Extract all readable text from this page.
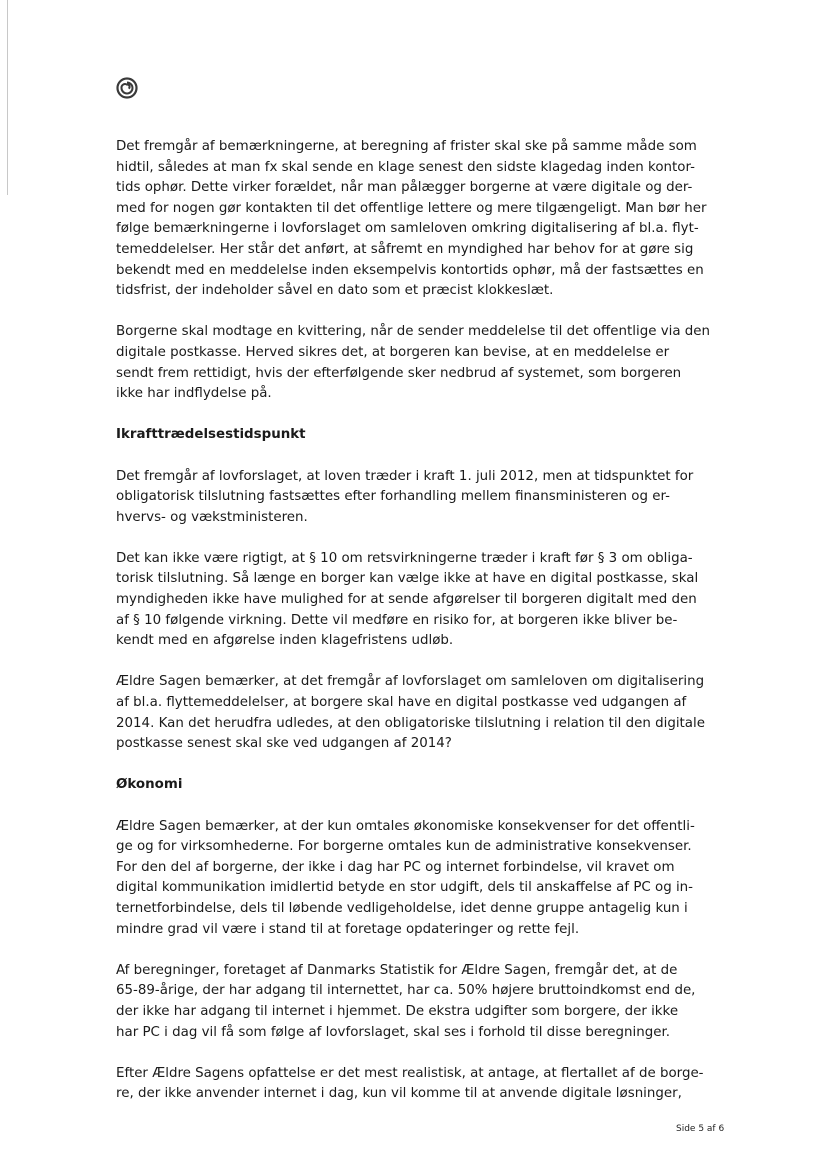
Det fremgår af bemærkningerne, at beregning af frister skal ske på samme måde som
hidtil, således at man fx skal sende en klage senest den sidste klagedag inden kontor-
tids ophør. Dette virker forældet, når man pålægger borgerne at være digitale og der-
med for nogen gør kontakten til det offentlige lettere og mere tilgængeligt. Man bør her
følge bemærkningerne i lovforslaget om samleloven omkring digitalisering af bl.a. flyt-
temeddelelser. Her står det anført, at såfremt en myndighed har behov for at gøre sig
bekendt med en meddelelse inden eksempelvis kontortids ophør, må der fastsættes en
tidsfrist, der indeholder såvel en dato som et præcist klokkeslæt.

Borgerne skal modtage en kvittering, når de sender meddelelse til det offentlige via den
digitale postkasse. Herved sikres det, at borgeren kan bevise, at en meddelelse er
sendt frem rettidigt, hvis der efterfølgende sker nedbrud af systemet, som borgeren
ikke har indflydelse på.

Ikrafttrædelsestidspunkt

Det fremgår af lovforslaget, at loven træder i kraft 1. juli 2012, men at tidspunktet for
obligatorisk tilslutning fastsættes efter forhandling mellem finansministeren og er-
hvervs- og vækstministeren.

Det kan ikke være rigtigt, at § 10 om retsvirkningerne træder i kraft før § 3 om obliga-
torisk tilslutning. Så længe en borger kan vælge ikke at have en digital postkasse, skal
myndigheden ikke have mulighed for at sende afgørelser til borgeren digitalt med den
af § 10 følgende virkning. Dette vil medføre en risiko for, at borgeren ikke bliver be-
kendt med en afgørelse inden klagefristens udløb.

Ældre Sagen bemærker, at det fremgår af lovforslaget om samleloven om digitalisering
af bl.a. flyttemeddelelser, at borgere skal have en digital postkasse ved udgangen af
2014. Kan det herudfra udledes, at den obligatoriske tilslutning i relation til den digitale
postkasse senest skal ske ved udgangen af 2014?

Økonomi

Ældre Sagen bemærker, at der kun omtales økonomiske konsekvenser for det offentli-
ge og for virksomhederne. For borgerne omtales kun de administrative konsekvenser.
For den del af borgerne, der ikke i dag har PC og internet forbindelse, vil kravet om
digital kommunikation imidlertid betyde en stor udgift, dels til anskaffelse af PC og in-
ternetforbindelse, dels til løbende vedligeholdelse, idet denne gruppe antagelig kun i
mindre grad vil være i stand til at foretage opdateringer og rette fejl.

Af beregninger, foretaget af Danmarks Statistik for Ældre Sagen, fremgår det, at de
65-89-årige, der har adgang til internettet, har ca. 50% højere bruttoindkomst end de,
der ikke har adgang til internet i hjemmet. De ekstra udgifter som borgere, der ikke
har PC i dag vil få som følge af lovforslaget, skal ses i forhold til disse beregninger.

Efter Ældre Sagens opfattelse er det mest realistisk, at antage, at flertallet af de borge-
re, der ikke anvender internet i dag, kun vil komme til at anvende digitale løsninger,

Side 5 af 6
